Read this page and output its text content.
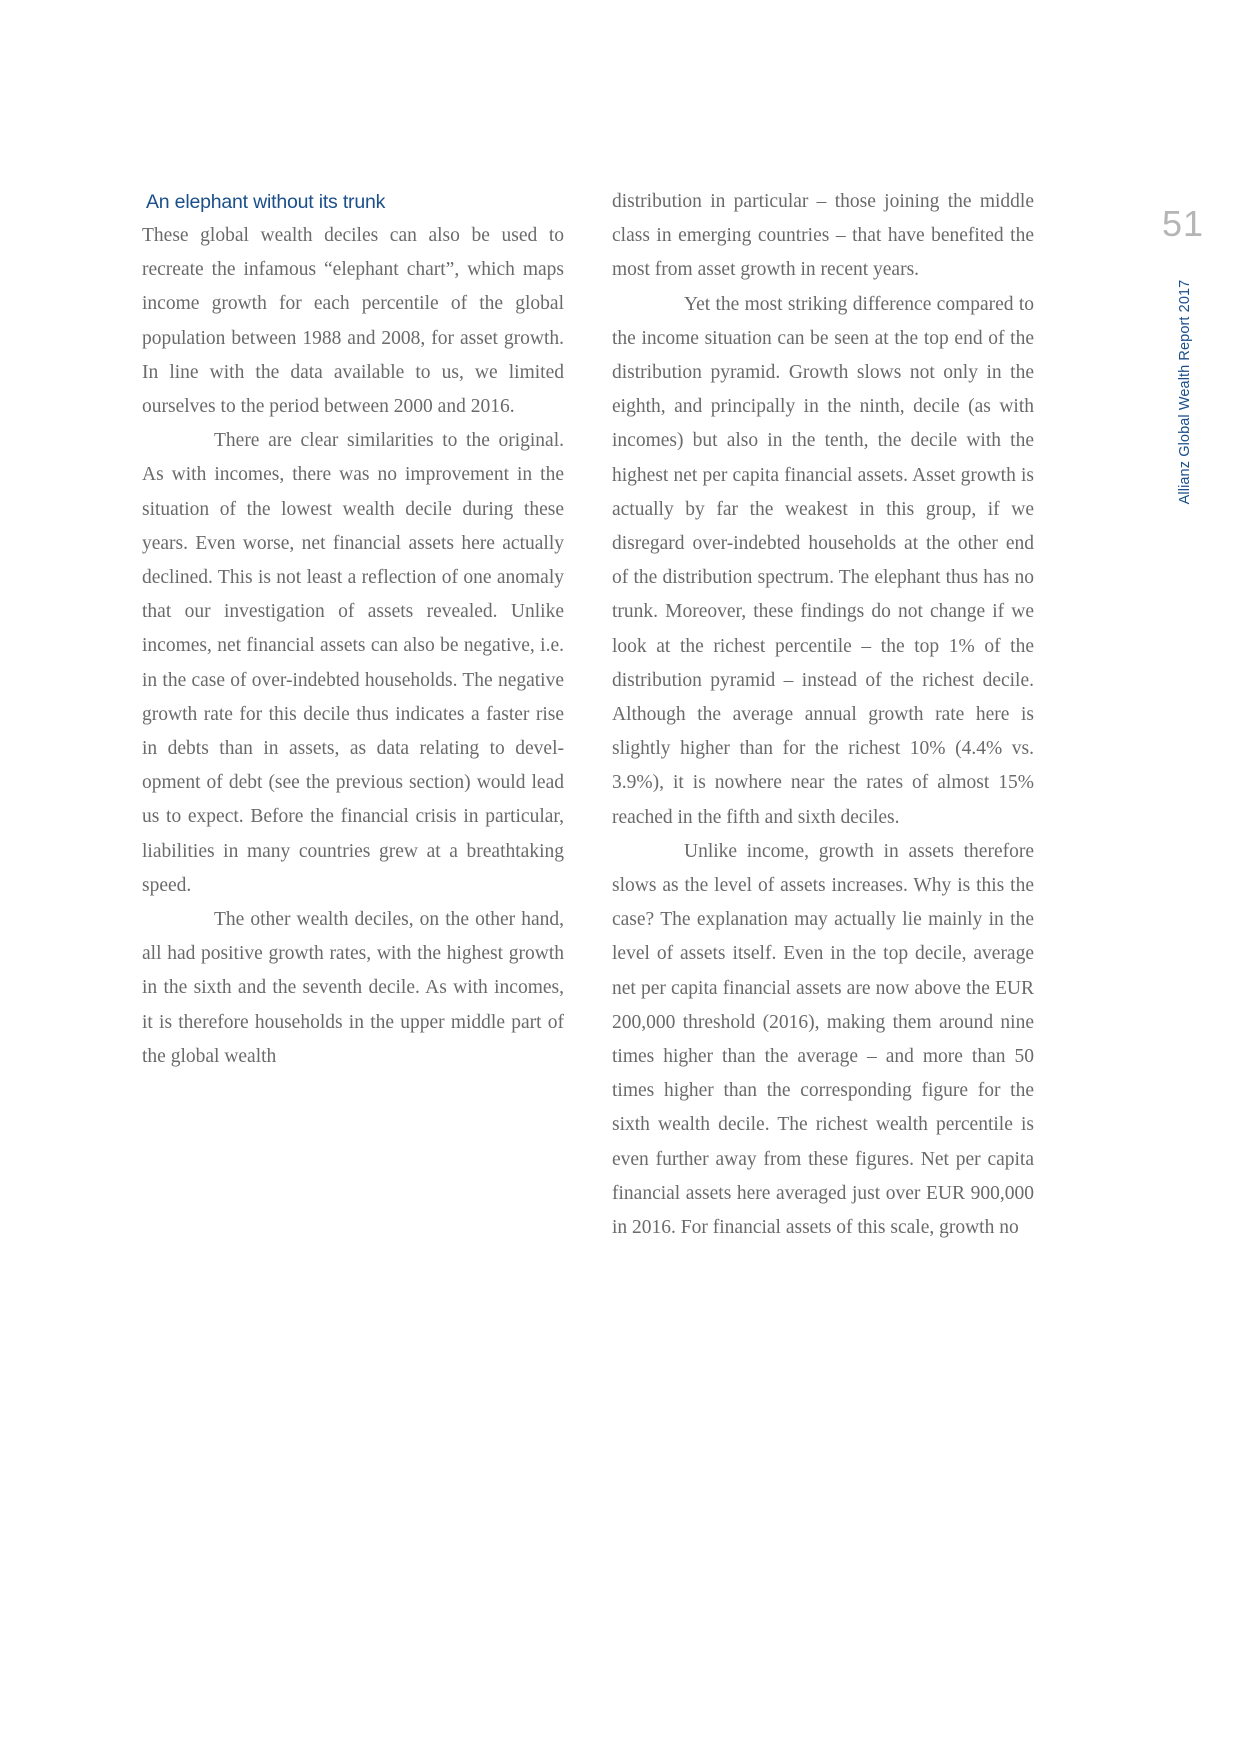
An elephant without its trunk

These global wealth deciles can also be used to recreate the infamous “elephant chart”, which maps income growth for each percentile of the global population between 1988 and 2008, for asset growth. In line with the data available to us, we limited ourselves to the period between 2000 and 2016.

There are clear similarities to the original. As with incomes, there was no improvement in the situation of the lowest wealth decile during these years. Even worse, net financial assets here actually declined. This is not least a reflection of one anomaly that our investigation of assets revealed. Unlike incomes, net financial assets can also be negative, i.e. in the case of over-indebted households. The negative growth rate for this decile thus indicates a faster rise in debts than in assets, as data relating to development of debt (see the previous section) would lead us to expect. Before the financial crisis in particular, liabilities in many countries grew at a breathtaking speed.

The other wealth deciles, on the other hand, all had positive growth rates, with the highest growth in the sixth and the seventh decile. As with incomes, it is therefore households in the upper middle part of the global wealth

distribution in particular – those joining the middle class in emerging countries – that have benefited the most from asset growth in recent years.

Yet the most striking difference compared to the income situation can be seen at the top end of the distribution pyramid. Growth slows not only in the eighth, and principally in the ninth, decile (as with incomes) but also in the tenth, the decile with the highest net per capita financial assets. Asset growth is actually by far the weakest in this group, if we disregard over-indebted households at the other end of the distribution spectrum. The elephant thus has no trunk. Moreover, these findings do not change if we look at the richest percentile – the top 1% of the distribution pyramid – instead of the richest decile. Although the average annual growth rate here is slightly higher than for the richest 10% (4.4% vs. 3.9%), it is nowhere near the rates of almost 15% reached in the fifth and sixth deciles.

Unlike income, growth in assets therefore slows as the level of assets increases. Why is this the case? The explanation may actually lie mainly in the level of assets itself. Even in the top decile, average net per capita financial assets are now above the EUR 200,000 threshold (2016), making them around nine times higher than the average – and more than 50 times higher than the corresponding figure for the sixth wealth decile. The richest wealth percentile is even further away from these figures. Net per capita financial assets here averaged just over EUR 900,000 in 2016. For financial assets of this scale, growth no

51
Allianz Global Wealth Report 2017
